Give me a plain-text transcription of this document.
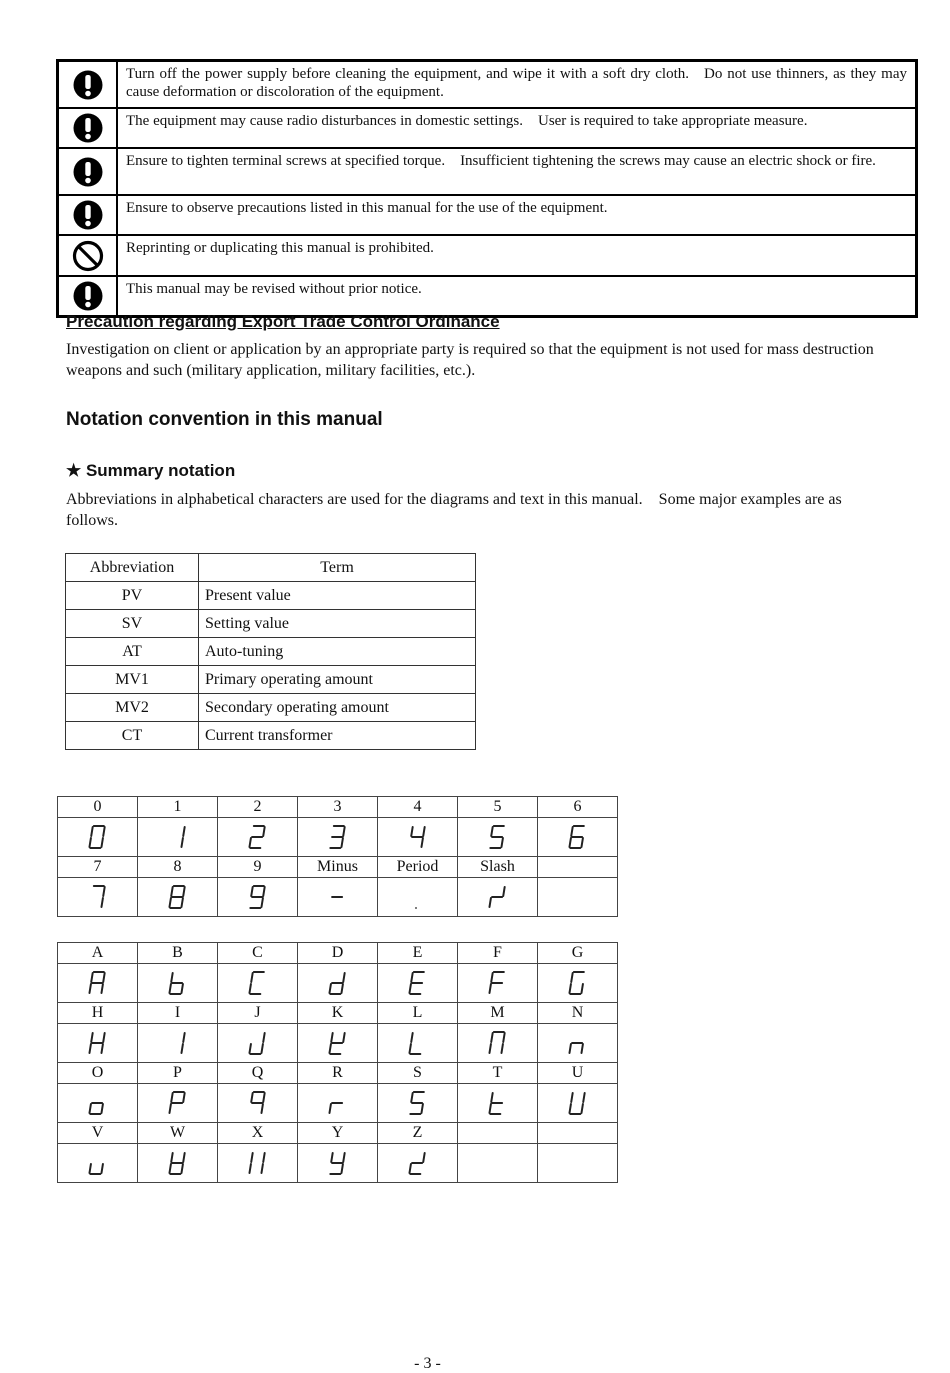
	Turn off the power supply before cleaning the equipment, and wipe it with a soft dry cloth. Do not use thinners, as they may cause deformation or discoloration of the equipment.

	The equipment may cause radio disturbances in domestic settings. User is required to take appropriate measure.

	Ensure to tighten terminal screws at specified torque. Insufficient tightening the screws may cause an electric shock or fire.

	Ensure to observe precautions listed in this manual for the use of the equipment.

	Reprinting or duplicating this manual is prohibited.

	This manual may be revised without prior notice.
Precaution regarding Export Trade Control Ordinance

Investigation on client or application by an appropriate party is required so that the equipment is not used for mass destruction weapons and such (military application, military facilities, etc.).

Notation convention in this manual
★ Summary notation

Abbreviations in alphabetical characters are used for the diagrams and text in this manual. Some major examples are as follows.

Abbreviation	Term
PV	Present value
SV	Setting value
AT	Auto-tuning
MV1	Primary operating amount
MV2	Secondary operating amount
CT	Current transformer
0	1	2	3	4	5	6

7	8	9	Minus	Period	Slash	

A	B	C	D	E	F	G

H	I	J	K	L	M	N

O	P	Q	R	S	T	U

V	W	X	Y	Z		

- 3 -
